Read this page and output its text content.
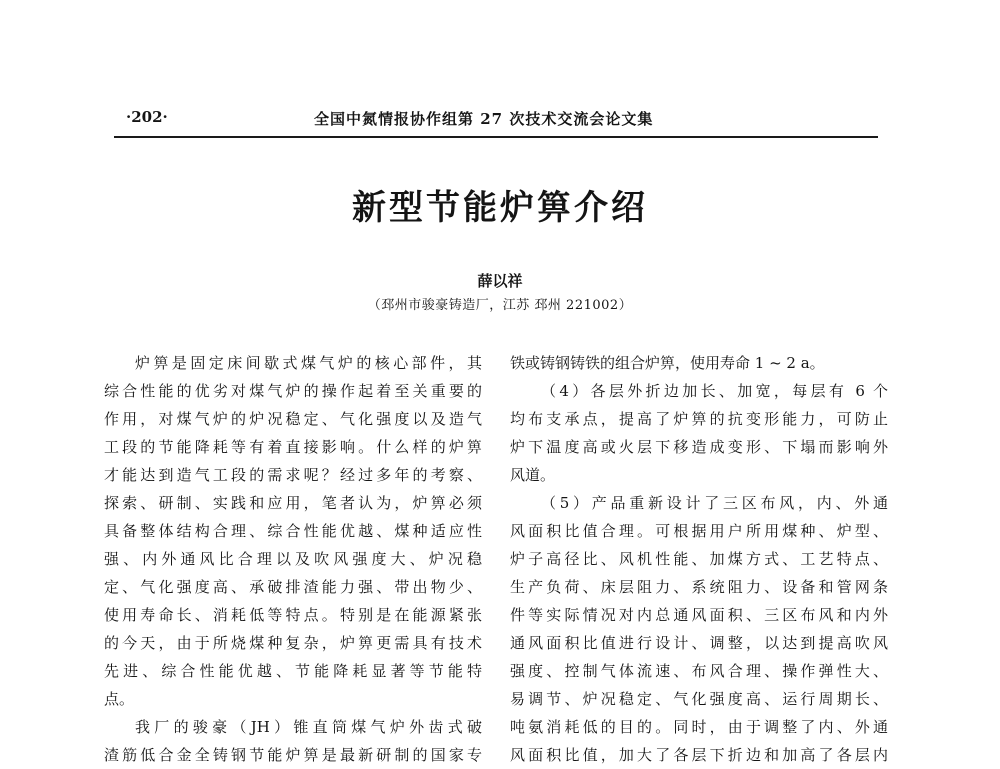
·202·	全国中氮情报协作组第 27 次技术交流会论文集
新型节能炉箅介绍
薛以祥
（邳州市骏豪铸造厂，江苏 邳州 221002）
炉箅是固定床间歇式煤气炉的核心部件，其
综合性能的优劣对煤气炉的操作起着至关重要的
作用，对煤气炉的炉况稳定、气化强度以及造气
工段的节能降耗等有着直接影响。什么样的炉箅
才能达到造气工段的需求呢？经过多年的考察、
探索、研制、实践和应用，笔者认为，炉箅必须
具备整体结构合理、综合性能优越、煤种适应性
强、内外通风比合理以及吹风强度大、炉况稳
定、气化强度高、承破排渣能力强、带出物少、
使用寿命长、消耗低等特点。特别是在能源紧张
的今天，由于所烧煤种复杂，炉箅更需具有技术
先进、综合性能优越、节能降耗显著等节能特
点。
我厂的骏豪（JH）锥直筒煤气炉外齿式破
渣筋低合金全铸钢节能炉箅是最新研制的国家专
铁或铸钢铸铁的组合炉箅，使用寿命 1 ~ 2 a。
（4）各层外折边加长、加宽，每层有 6 个
均布支承点，提高了炉箅的抗变形能力，可防止
炉下温度高或火层下移造成变形、下塌而影响外
风道。
（5）产品重新设计了三区布风，内、外通
风面积比值合理。可根据用户所用煤种、炉型、
炉子高径比、风机性能、加煤方式、工艺特点、
生产负荷、床层阻力、系统阻力、设备和管网条
件等实际情况对内总通风面积、三区布风和内外
通风面积比值进行设计、调整，以达到提高吹风
强度、控制气体流速、布风合理、操作弹性大、
易调节、炉况稳定、气化强度高、运行周期长、
吨氨消耗低的目的。同时，由于调整了内、外通
风面积比值，加大了各层下折边和加高了各层内
